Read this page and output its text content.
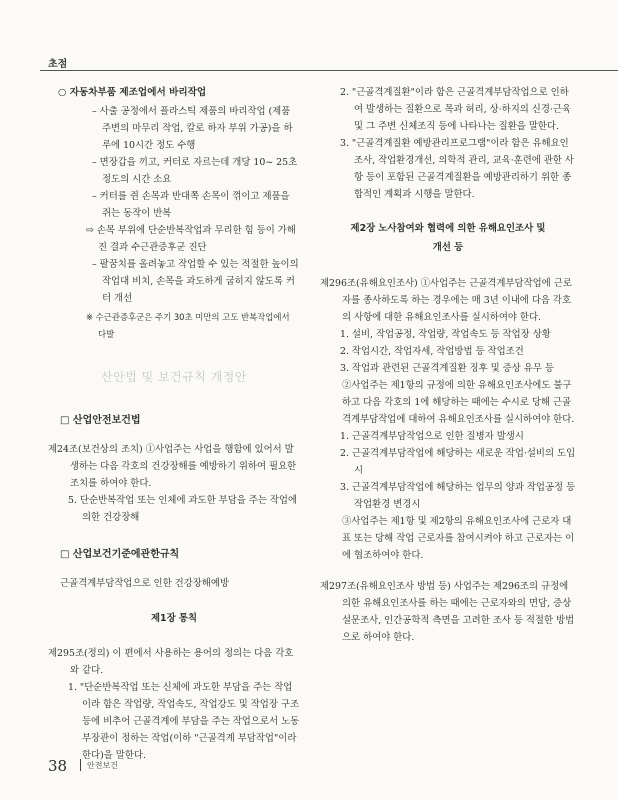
초점
○ 자동차부품 제조업에서 바리작업
– 사출 공정에서 플라스틱 제품의 바리작업 (제품 주변의 마무리 작업, 칼로 하자 부위 가공)을 하루에 10시간 정도 수행
– 면장갑을 끼고, 커터로 자르는데 개당 10~ 25초 정도의 시간 소요
– 커터를 쥔 손목과 반대쪽 손목이 꺾이고 제품을 쥐는 동작이 반복
⇨ 손목 부위에 단순반복작업과 무리한 힘 등이 가해진 결과 수근관증후군 진단
– 팔꿈치를 올려놓고 작업할 수 있는 적절한 높이의 작업대 비치, 손목을 과도하게 굽히지 않도록 커터 개선
※ 수근관증후군은 주기 30초 미만의 고도 반복작업에서 다발
산안법 및 보건규칙 개정안
□ 산업안전보건법
제24조(보건상의 조치) ①사업주는 사업을 행함에 있어서 발생하는 다음 각호의 건강장해를 예방하기 위하여 필요한 조치를 하여야 한다.
5. 단순반복작업 또는 인체에 과도한 부담을 주는 작업에 의한 건강장해
□ 산업보건기준에관한규칙
근골격계부담작업으로 인한 건강장해예방
제1장 통칙
제295조(정의) 이 편에서 사용하는 용어의 정의는 다음 각호와 같다.
1. "단순반복작업 또는 신체에 과도한 부담을 주는 작업이라 함은 작업량, 작업속도, 작업강도 및 작업장 구조 등에 비추어 근골격계에 부담을 주는 작업으로서 노동부장관이 정하는 작업(이하 "근골격계 부담작업"이라 한다)을 말한다.
2. "근골격계질환"이라 함은 근골격계부담작업으로 인하여 발생하는 질환으로 목과 허리, 상·하지의 신경·근육 및 그 주변 신체조직 등에 나타나는 질환을 말한다.
3. "근골격계질환 예방관리프로그램"이라 함은 유해요인조사, 작업환경개선, 의학적 관리, 교육·훈련에 관한 사항 등이 포함된 근골격계질환을 예방관리하기 위한 종합적인 계획과 시행을 말한다.
제2장 노사참여와 협력에 의한 유해요인조사 및
개선 등
제296조(유해요인조사) ①사업주는 근골격계부담작업에 근로자를 종사하도록 하는 경우에는 매 3년 이내에 다음 각호의 사항에 대한 유해요인조사를 실시하여야 한다.
1. 설비, 작업공정, 작업량, 작업속도 등 작업장 상황
2. 작업시간, 작업자세, 작업방법 등 작업조건
3. 작업과 관련된 근골격계질환 징후 및 증상 유무 등
②사업주는 제1항의 규정에 의한 유해요인조사에도 불구하고 다음 각호의 1에 해당하는 때에는 수시로 당해 근골격계부담작업에 대하여 유해요인조사를 실시하여야 한다.
1. 근골격계부담작업으로 인한 질병자 발생시
2. 근골격계부담작업에 해당하는 새로운 작업·설비의 도입시
3. 근골격계부담작업에 해당하는 업무의 양과 작업공정 등 작업환경 변경시
③사업주는 제1항 및 제2항의 유해요인조사에 근로자 대표 또는 당해 작업 근로자를 참여시켜야 하고 근로자는 이에 협조하여야 한다.
제297조(유해요인조사 방법 등) 사업주는 제296조의 규정에 의한 유해요인조사를 하는 때에는 근로자와의 면담, 증상설문조사, 인간공학적 측면을 고려한 조사 등 적절한 방법으로 하여야 한다.
38 안전보건
